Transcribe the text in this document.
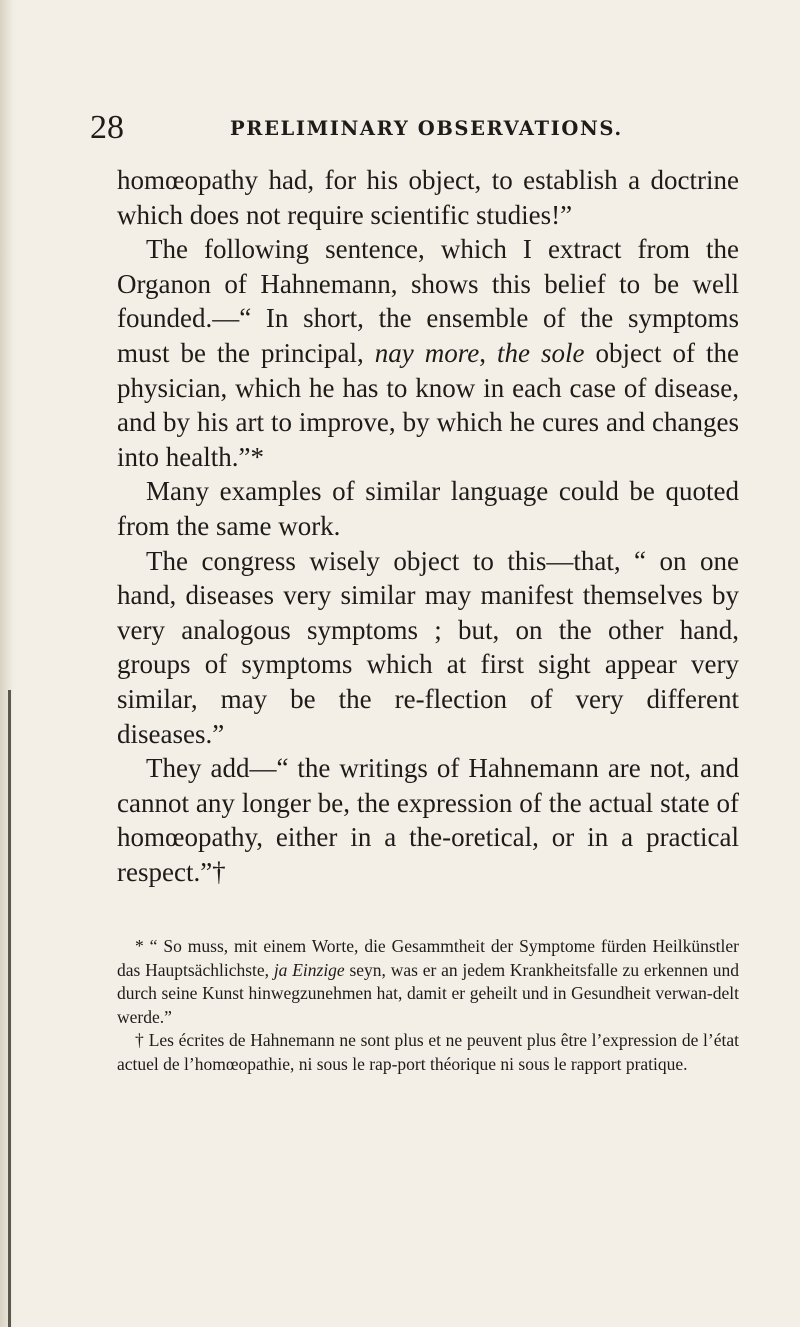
28	PRELIMINARY OBSERVATIONS.

homœopathy had, for his object, to establish a doctrine which does not require scientific studies!”

The following sentence, which I extract from the Organon of Hahnemann, shows this belief to be well founded.—“ In short, the ensemble of the symptoms must be the principal, nay more, the sole object of the physician, which he has to know in each case of disease, and by his art to improve, by which he cures and changes into health.”*

Many examples of similar language could be quoted from the same work.

The congress wisely object to this—that, “ on one hand, diseases very similar may manifest themselves by very analogous symptoms ; but, on the other hand, groups of symptoms which at first sight appear very similar, may be the re-flection of very different diseases.”

They add—“ the writings of Hahnemann are not, and cannot any longer be, the expression of the actual state of homœopathy, either in a the-oretical, or in a practical respect.”†

* “ So muss, mit einem Worte, die Gesammtheit der Symptome fürden Heilkünstler das Hauptsächlichste, ja Einzige seyn, was er an jedem Krankheitsfalle zu erkennen und durch seine Kunst hinwegzunehmen hat, damit er geheilt und in Gesundheit verwan-delt werde.”

† Les écrites de Hahnemann ne sont plus et ne peuvent plus être l’expression de l’état actuel de l’homœopathie, ni sous le rap-port théorique ni sous le rapport pratique.
